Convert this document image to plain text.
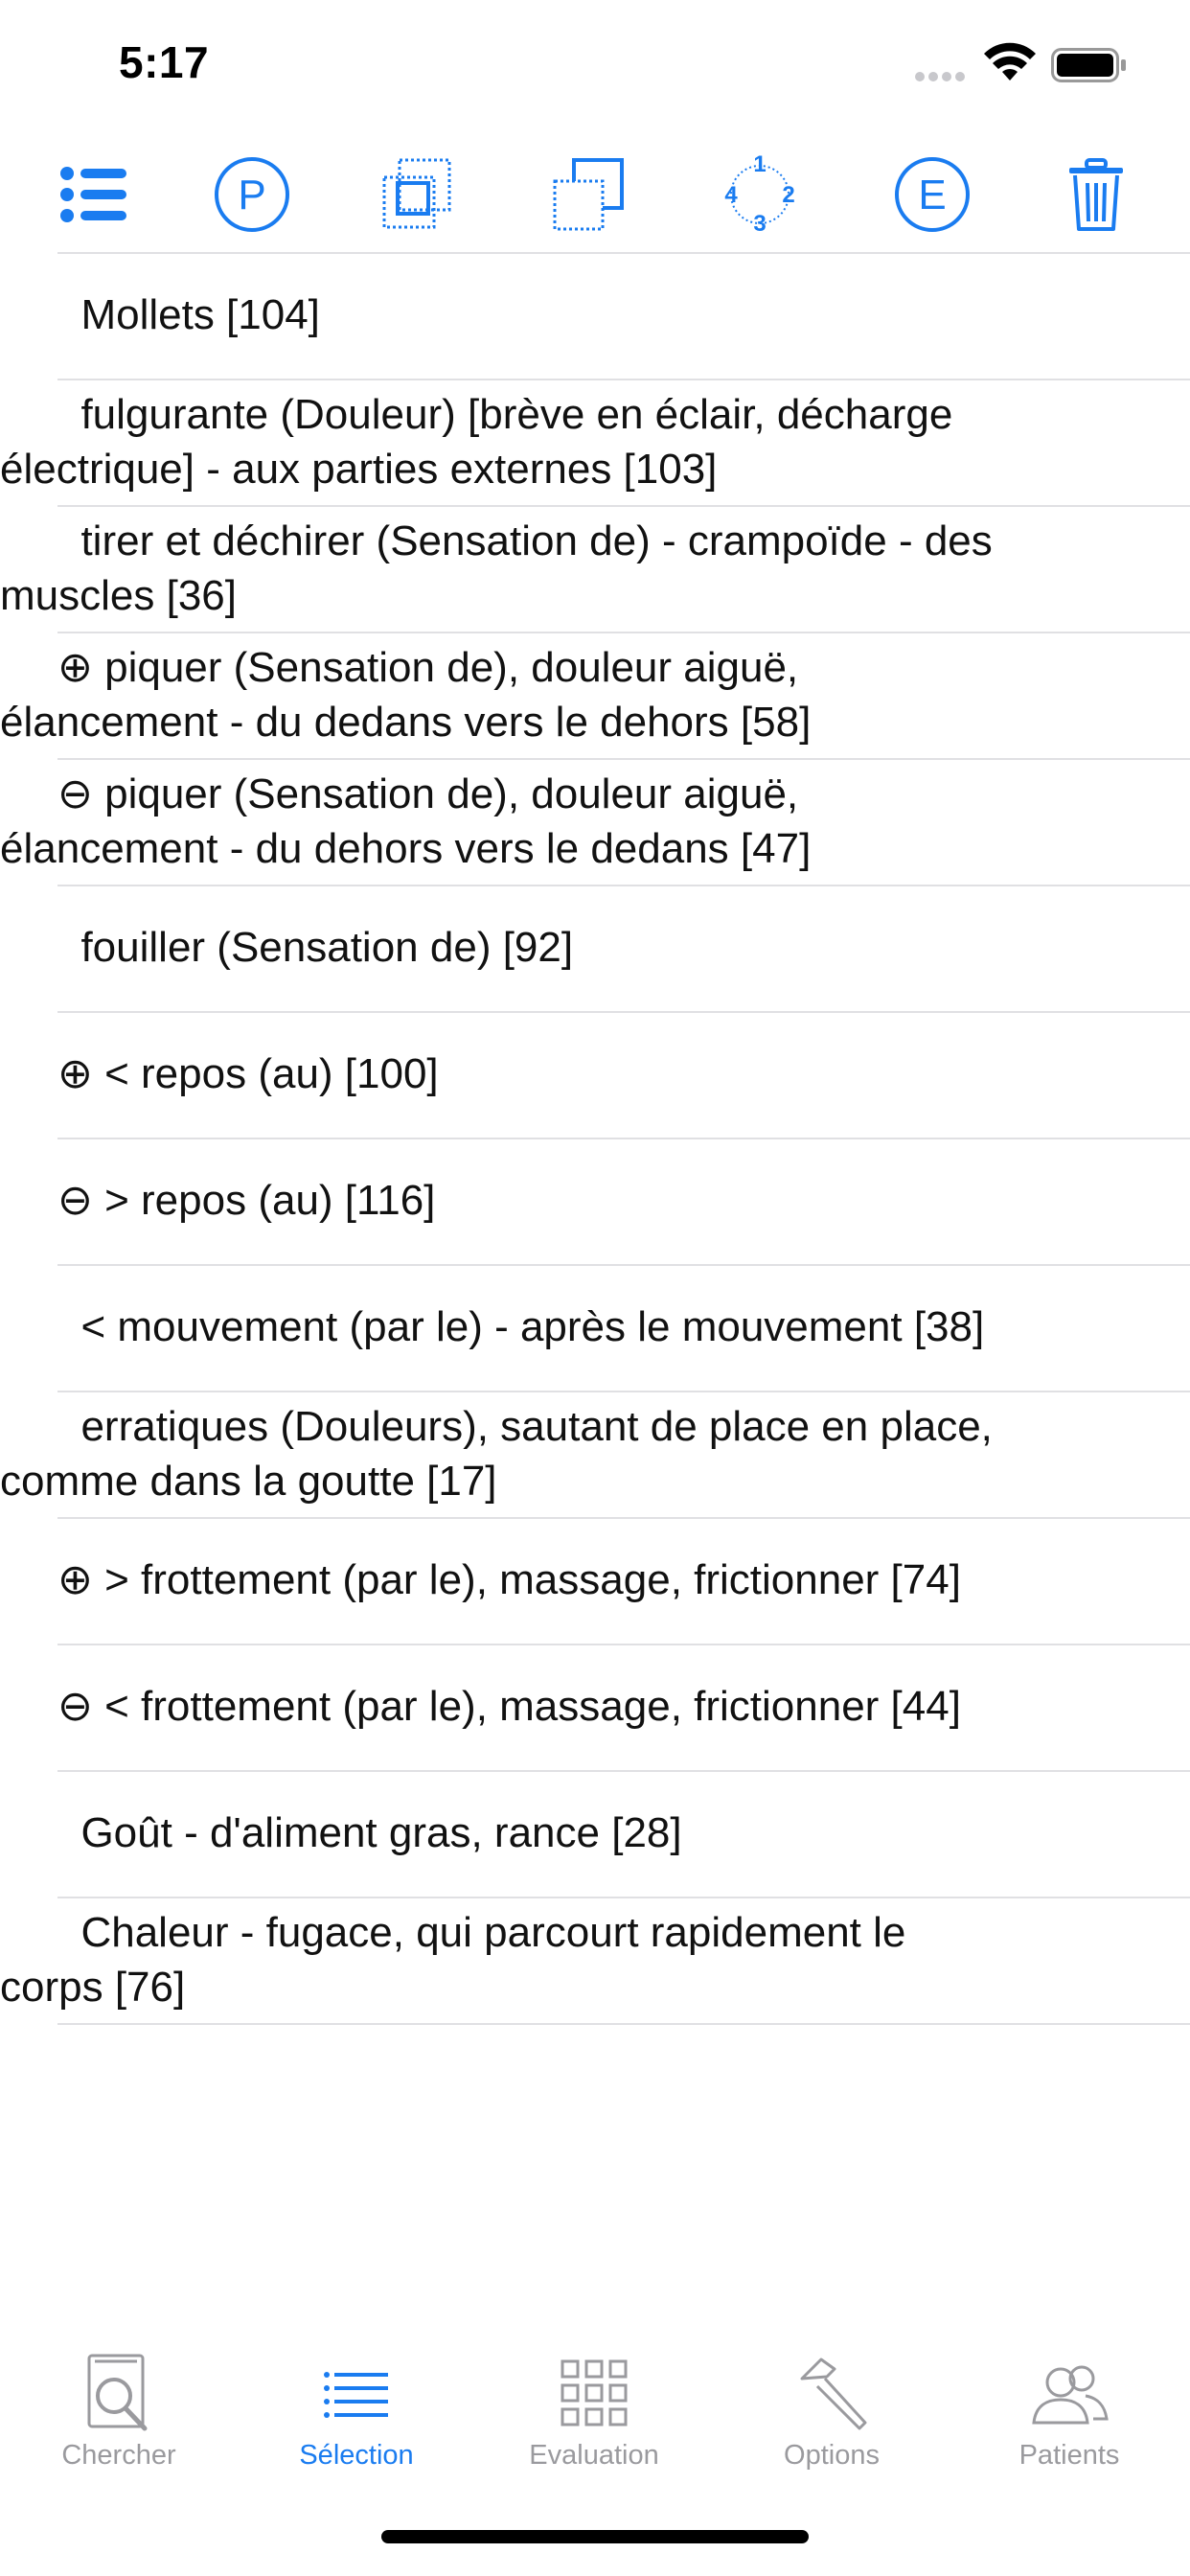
5:17
P
1
2
3
4	E
Mollets [104]
fulgurante (Douleur) [brève en éclair, décharge
électrique] - aux parties externes [103]
tirer et déchirer (Sensation de) - crampoïde - des
muscles [36]
⊕ piquer (Sensation de), douleur aiguë,
élancement - du dedans vers le dehors [58]
⊖ piquer (Sensation de), douleur aiguë,
élancement - du dehors vers le dedans [47]
fouiller (Sensation de) [92]
⊕ < repos (au) [100]
⊖ > repos (au) [116]
< mouvement (par le) - après le mouvement [38]
erratiques (Douleurs), sautant de place en place,
comme dans la goutte [17]
⊕ > frottement (par le), massage, frictionner [74]
⊖ < frottement (par le), massage, frictionner [44]
Goût - d'aliment gras, rance [28]
Chaleur - fugace, qui parcourt rapidement le
corps [76]
Chercher	Sélection	Evaluation	Options	Patients
